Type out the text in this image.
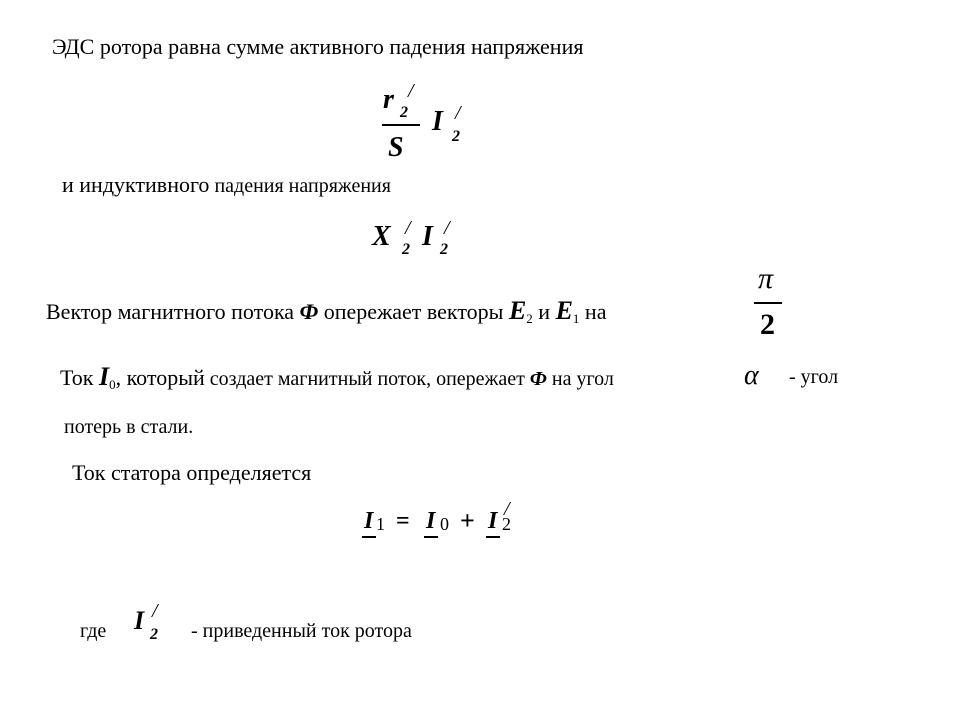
ЭДС ротора равна сумме активного падения напряжения
r 2
/
S
I 2
/
и индуктивного падения напряжения
X 2
/ I 2
/
Вектор магнитного потока Ф опережает векторы $Е_2$ и $Е_1$ на
π
2
Ток $I_0$, который создает магнитный поток, опережает Ф на угол	α - угол
потерь в стали.
Ток статора определяется
I 1 = I 0 + I 2
/
где I 2
/
- приведенный ток ротора
